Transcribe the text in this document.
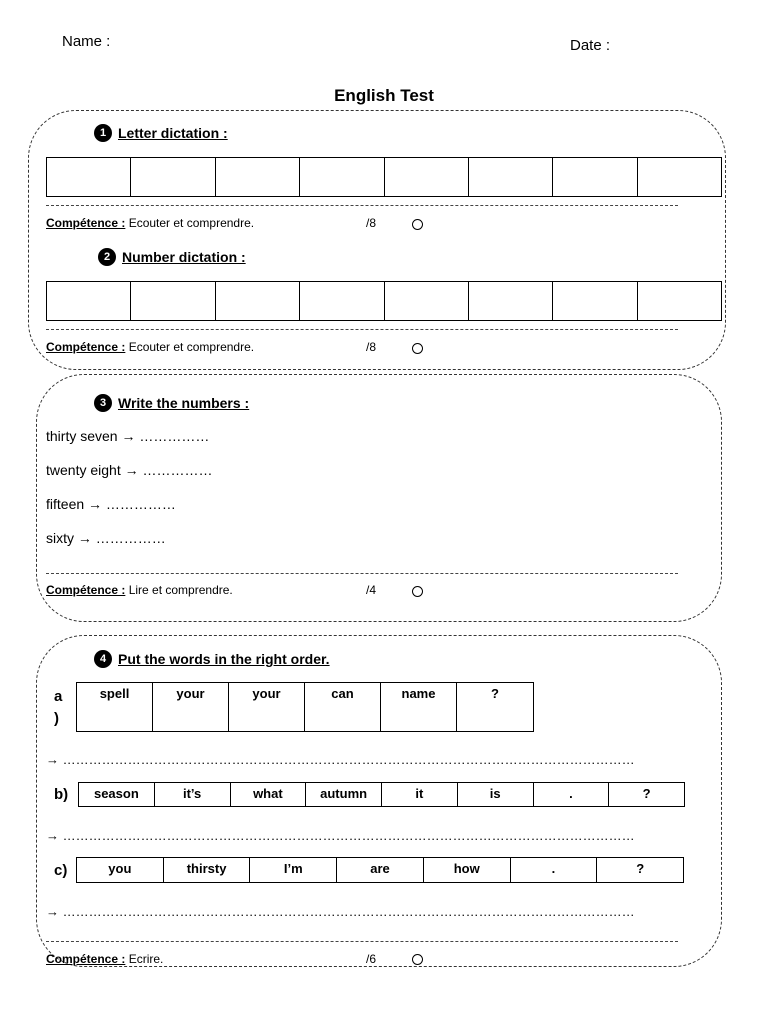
Name :	Date :
English Test
1 Letter dictation :
Compétence : Ecouter et comprendre.	/8
2 Number dictation :
Compétence : Ecouter et comprendre.	/8
3 Write the numbers :
thirty seven → ……………
twenty eight → ……………
fifteen → ……………
sixty → ……………
Compétence : Lire et comprendre.	/4
4 Put the words in the right order.
a
)
spell	your	your	can	name	?
→ ……………………………………………………………………………………………………………………
b)	season	it’s	what	autumn	it	is	.	?
→ ……………………………………………………………………………………………………………………
c)	you	thirsty	I’m	are	how	.	?
→ ……………………………………………………………………………………………………………………
Compétence : Ecrire.	/6
